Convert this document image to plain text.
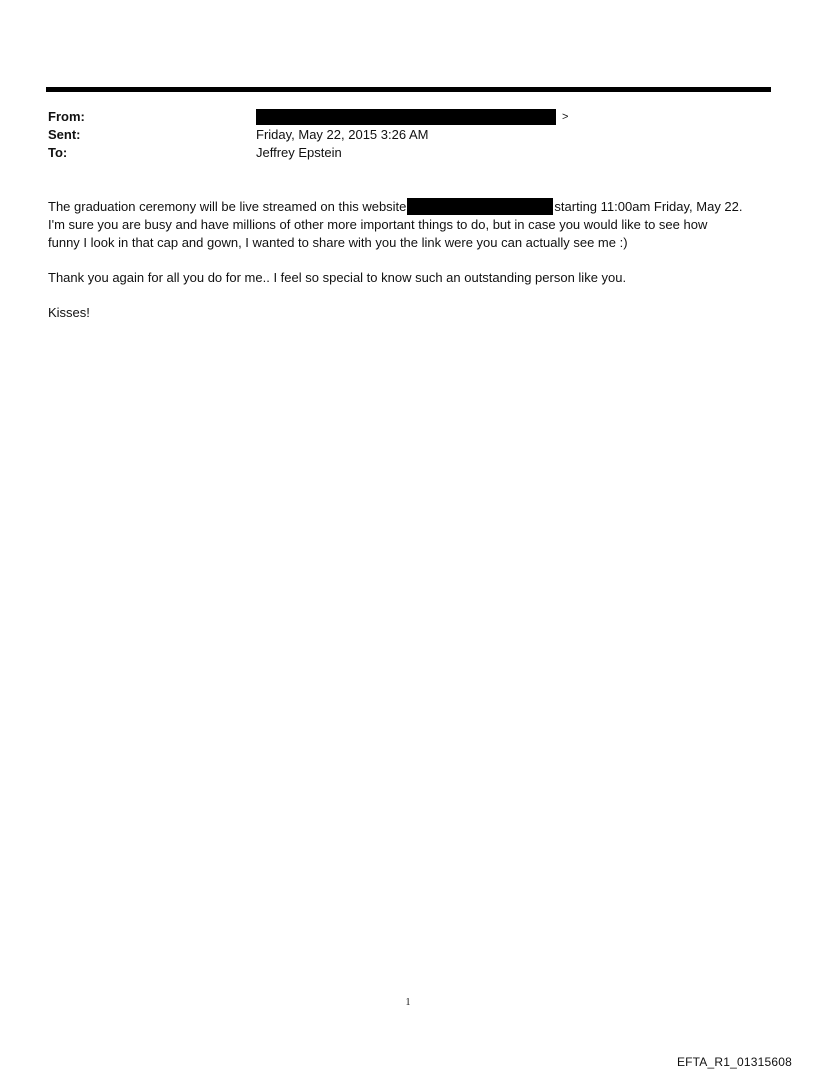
From:	>
Sent:	Friday, May 22, 2015 3:26 AM
To:	Jeffrey Epstein
The graduation ceremony will be live streamed on this website	starting 11:00am Friday, May 22.
I'm sure you are busy and have millions of other more important things to do, but in case you would like to see how
funny I look in that cap and gown, I wanted to share with you the link were you can actually see me :)
Thank you again for all you do for me.. I feel so special to know such an outstanding person like you.
Kisses!
1
EFTA_R1_01315608
